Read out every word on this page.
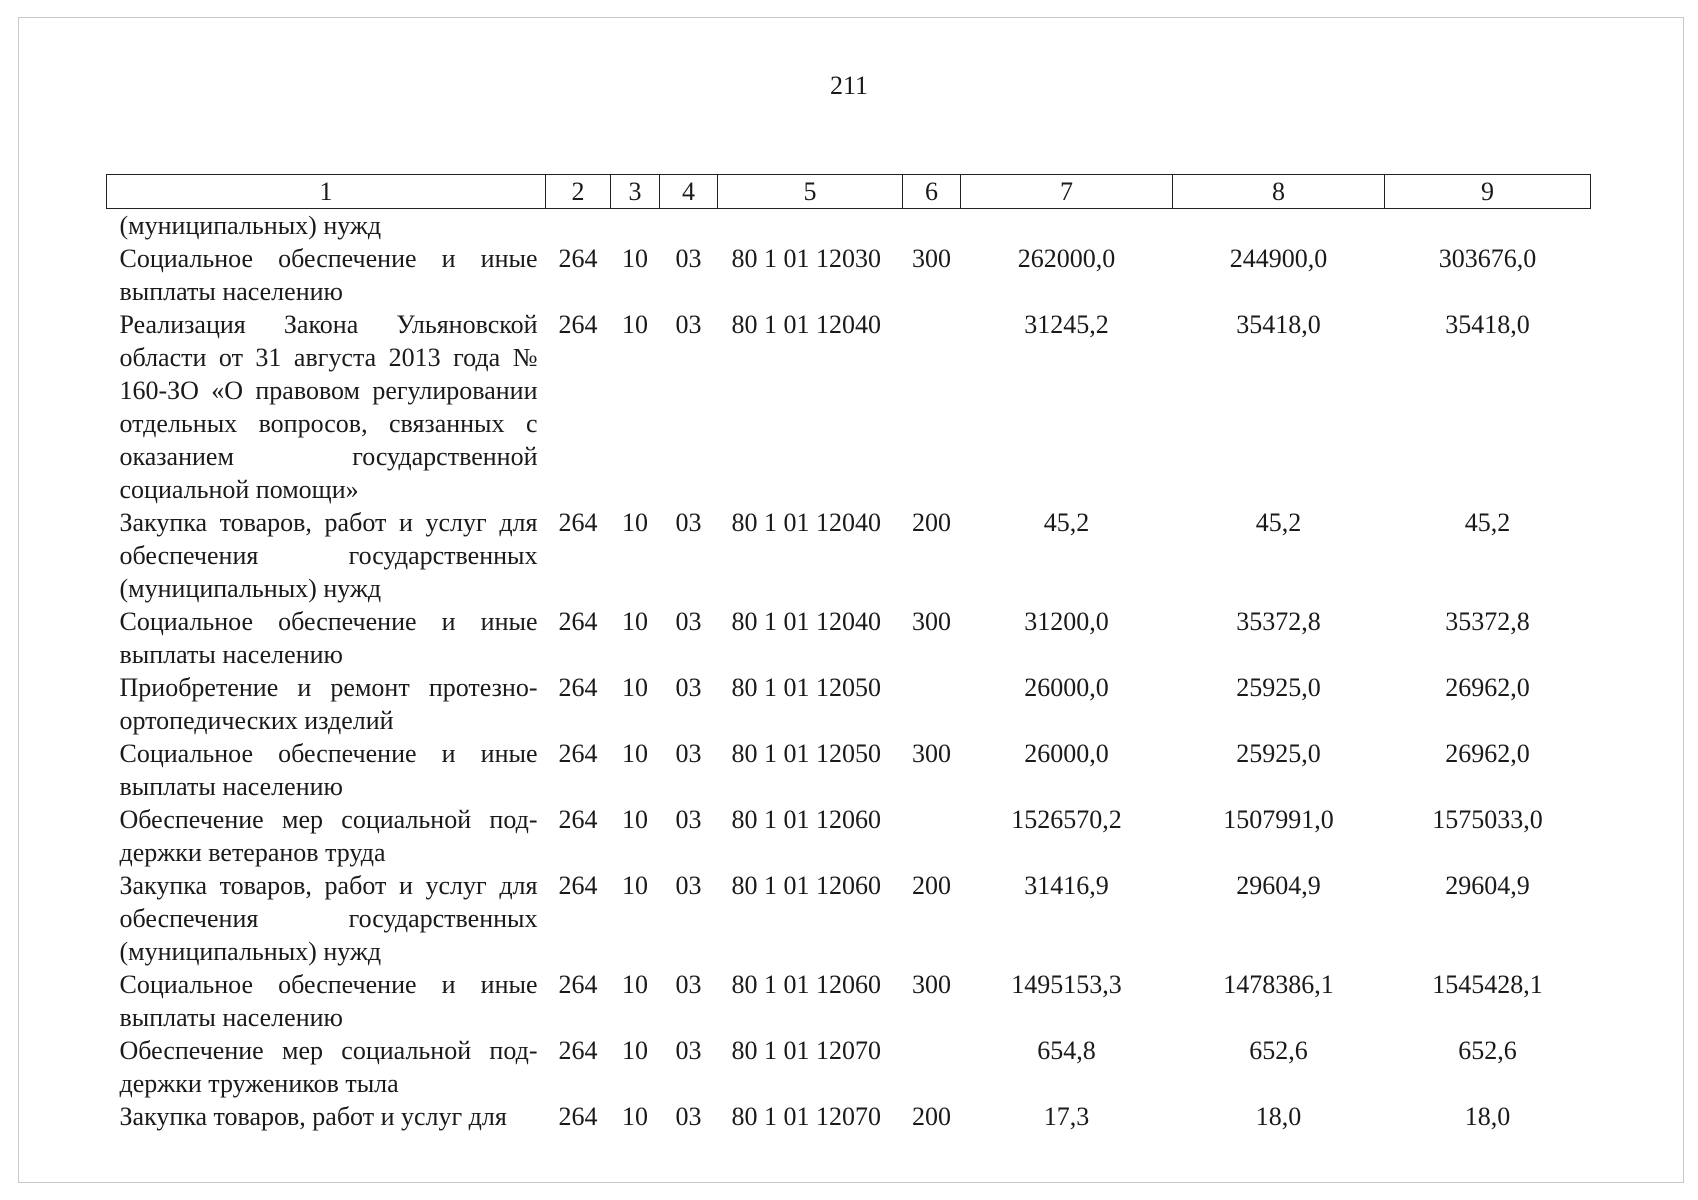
211
1	2	3	4	5	6	7	8	9
(муниципальных) нужд								
Социальное обеспечение и иные выплаты населению	264	10	03	80 1 01 12030	300	262000,0	244900,0	303676,0
Реализация Закона Ульяновской области от 31 августа 2013 года № 160-ЗО «О правовом регулировании отдельных вопросов, связанных с оказанием государственной социальной помощи»	264	10	03	80 1 01 12040		31245,2	35418,0	35418,0
Закупка товаров, работ и услуг для обеспечения государственных (муниципальных) нужд	264	10	03	80 1 01 12040	200	45,2	45,2	45,2
Социальное обеспечение и иные выплаты населению	264	10	03	80 1 01 12040	300	31200,0	35372,8	35372,8
Приобретение и ремонт протезноортопедических изделий	264	10	03	80 1 01 12050		26000,0	25925,0	26962,0
Социальное обеспечение и иные выплаты населению	264	10	03	80 1 01 12050	300	26000,0	25925,0	26962,0
Обеспечение мер социальной поддержки ветеранов труда	264	10	03	80 1 01 12060		1526570,2	1507991,0	1575033,0
Закупка товаров, работ и услуг для обеспечения государственных (муниципальных) нужд	264	10	03	80 1 01 12060	200	31416,9	29604,9	29604,9
Социальное обеспечение и иные выплаты населению	264	10	03	80 1 01 12060	300	1495153,3	1478386,1	1545428,1
Обеспечение мер социальной поддержки тружеников тыла	264	10	03	80 1 01 12070		654,8	652,6	652,6
Закупка товаров, работ и услуг для	264	10	03	80 1 01 12070	200	17,3	18,0	18,0
